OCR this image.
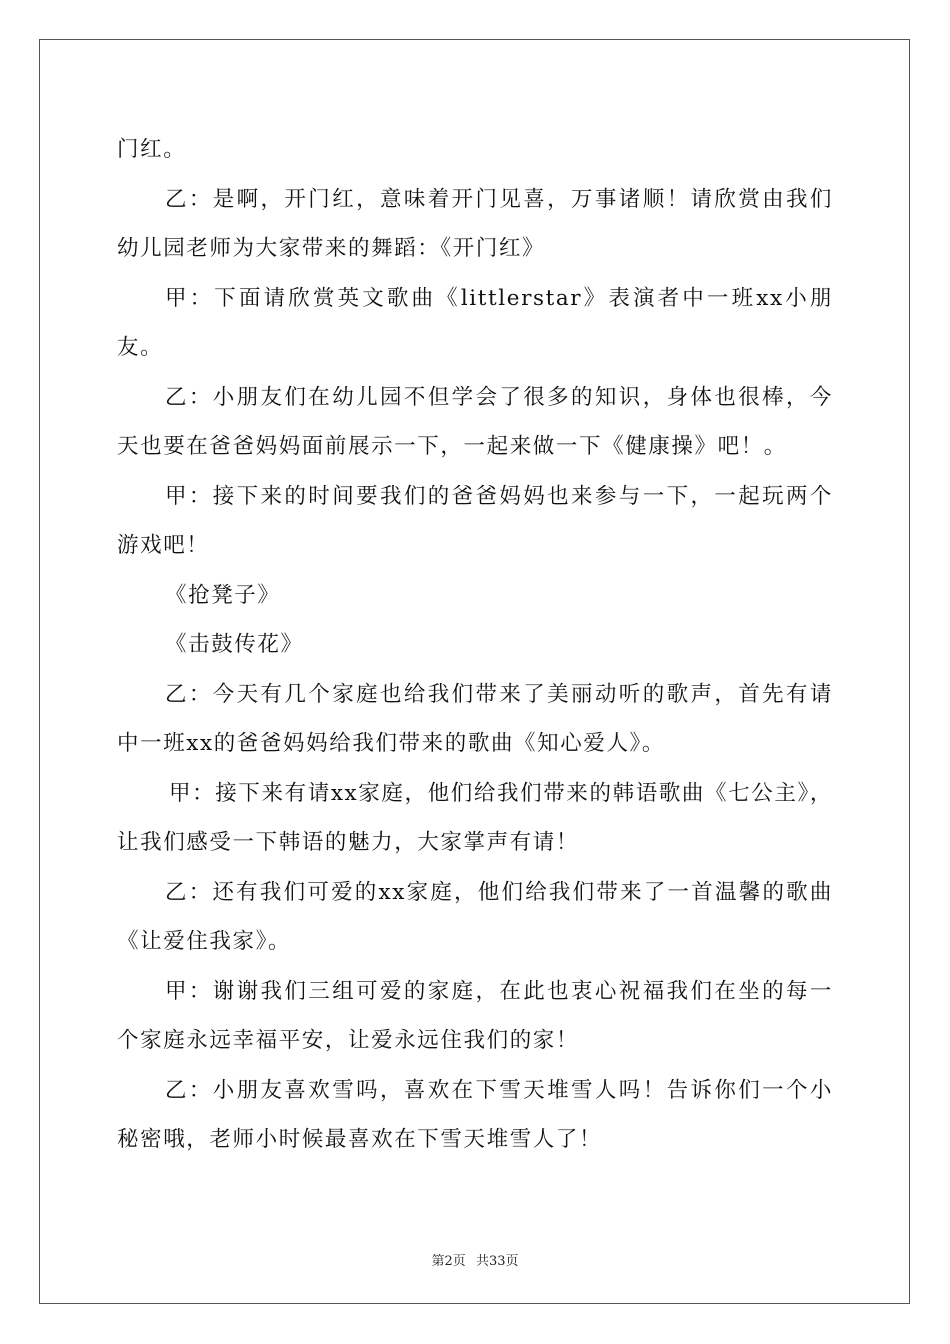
门红。

乙：是啊，开门红，意味着开门见喜，万事诸顺！请欣赏由我们幼儿园老师为大家带来的舞蹈：《开门红》

甲：下面请欣赏英文歌曲《littlerstar》表演者中一班xx小朋友。

乙：小朋友们在幼儿园不但学会了很多的知识，身体也很棒，今天也要在爸爸妈妈面前展示一下，一起来做一下《健康操》吧！。

甲：接下来的时间要我们的爸爸妈妈也来参与一下，一起玩两个游戏吧！

《抢凳子》

《击鼓传花》

乙：今天有几个家庭也给我们带来了美丽动听的歌声，首先有请中一班xx的爸爸妈妈给我们带来的歌曲《知心爱人》。

甲：接下来有请xx家庭，他们给我们带来的韩语歌曲《七公主》，让我们感受一下韩语的魅力，大家掌声有请！

乙：还有我们可爱的xx家庭，他们给我们带来了一首温馨的歌曲《让爱住我家》。

甲：谢谢我们三组可爱的家庭，在此也衷心祝福我们在坐的每一个家庭永远幸福平安，让爱永远住我们的家！

乙：小朋友喜欢雪吗，喜欢在下雪天堆雪人吗！告诉你们一个小秘密哦，老师小时候最喜欢在下雪天堆雪人了！

第2页 共33页
